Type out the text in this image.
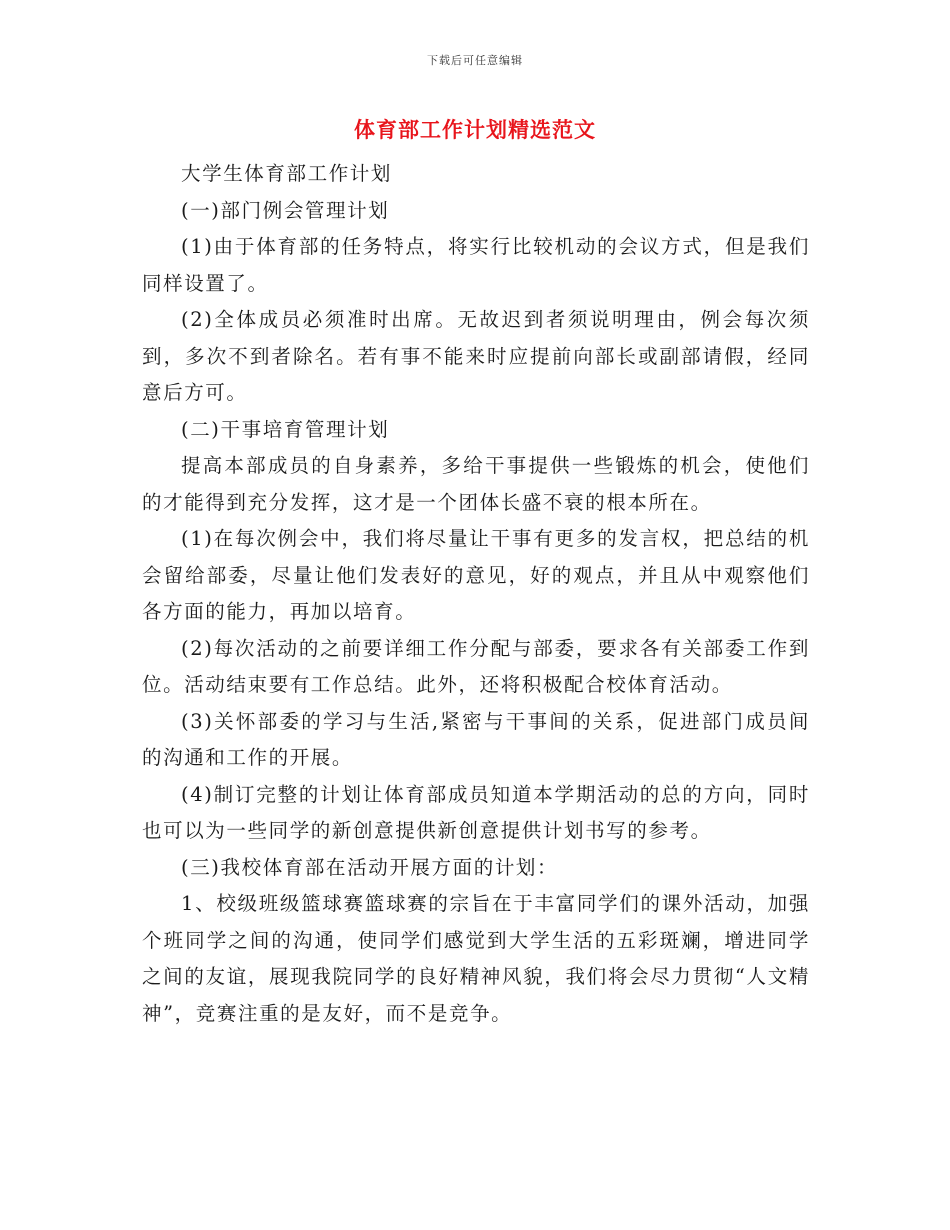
下载后可任意编辑
体育部工作计划精选范文

大学生体育部工作计划

(一)部门例会管理计划

(1)由于体育部的任务特点，将实行比较机动的会议方式，但是我们同样设置了。

(2)全体成员必须准时出席。无故迟到者须说明理由，例会每次须到，多次不到者除名。若有事不能来时应提前向部长或副部请假，经同意后方可。

(二)干事培育管理计划

提高本部成员的自身素养，多给干事提供一些锻炼的机会，使他们的才能得到充分发挥，这才是一个团体长盛不衰的根本所在。

(1)在每次例会中，我们将尽量让干事有更多的发言权，把总结的机会留给部委，尽量让他们发表好的意见，好的观点，并且从中观察他们各方面的能力，再加以培育。

(2)每次活动的之前要详细工作分配与部委，要求各有关部委工作到位。活动结束要有工作总结。此外，还将积极配合校体育活动。

(3)关怀部委的学习与生活,紧密与干事间的关系，促进部门成员间的沟通和工作的开展。

(4)制订完整的计划让体育部成员知道本学期活动的总的方向，同时也可以为一些同学的新创意提供新创意提供计划书写的参考。

(三)我校体育部在活动开展方面的计划：

1、校级班级篮球赛篮球赛的宗旨在于丰富同学们的课外活动，加强个班同学之间的沟通，使同学们感觉到大学生活的五彩斑斓，增进同学之间的友谊，展现我院同学的良好精神风貌，我们将会尽力贯彻“人文精神”，竞赛注重的是友好，而不是竞争。
